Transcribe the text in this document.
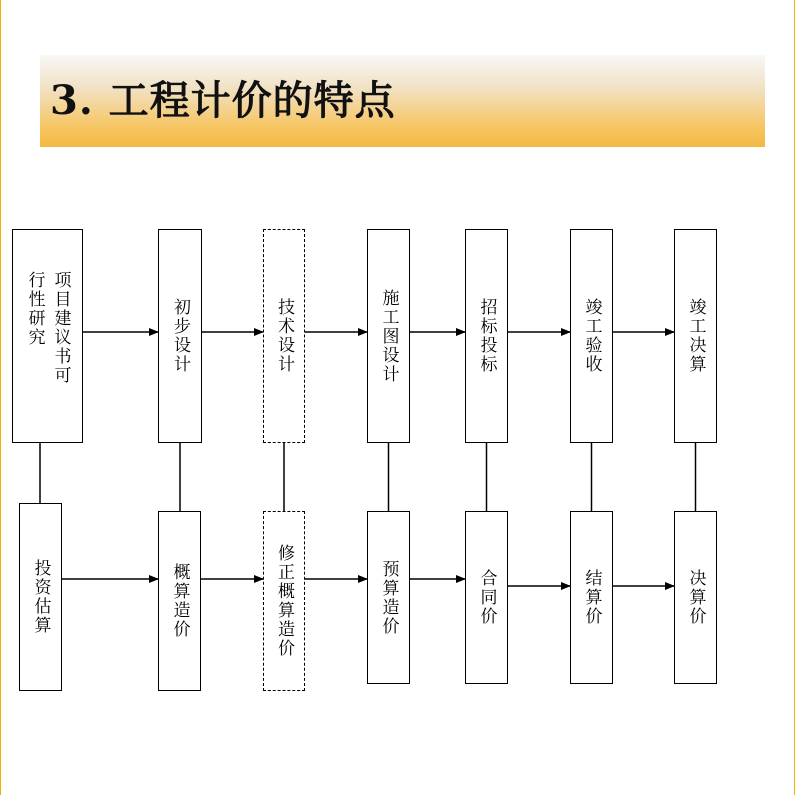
3. 工程计价的特点
项目建议书可行性研究	初步设计	技术设计	施工图设计	招标投标	竣工验收	竣工决算
投资估算	概算造价	修正概算造价	预算造价	合同价	结算价	决算价
